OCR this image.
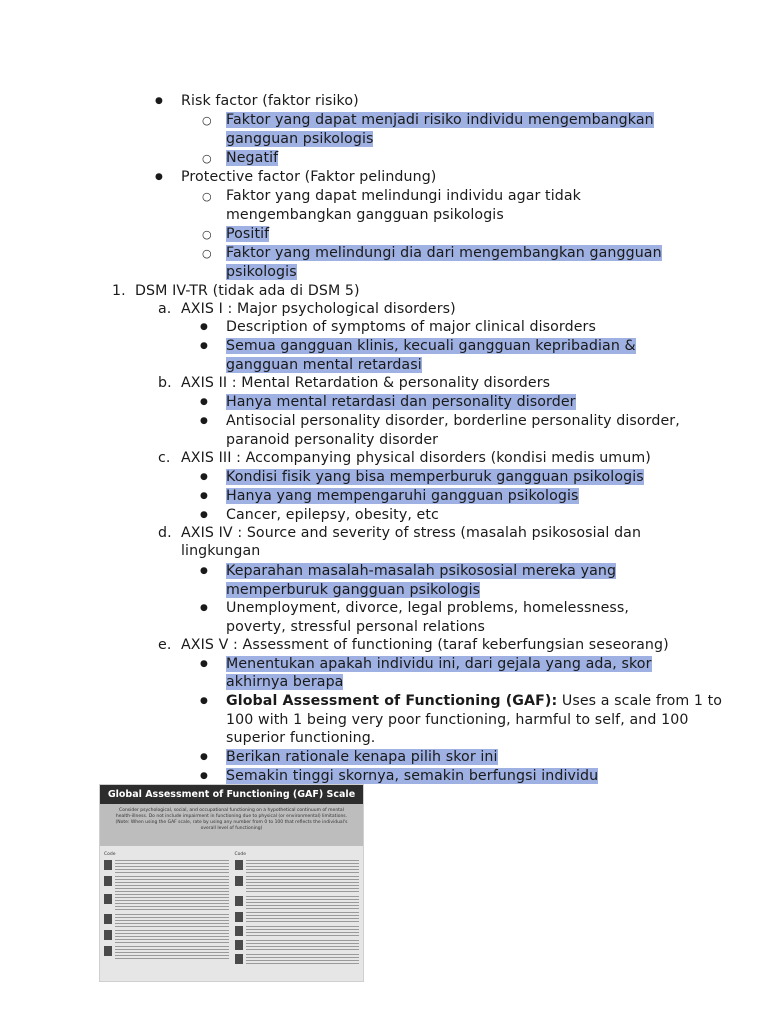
● Risk factor (faktor risiko)
○ Faktor yang dapat menjadi risiko individu mengembangkan
gangguan psikologis
○ Negatif
● Protective factor (Faktor pelindung)
○ Faktor yang dapat melindungi individu agar tidak
mengembangkan gangguan psikologis
○ Positif
○ Faktor yang melindungi dia dari mengembangkan gangguan
psikologis
1. DSM IV-TR (tidak ada di DSM 5)
a. AXIS I : Major psychological disorders)
● Description of symptoms of major clinical disorders
● Semua gangguan klinis, kecuali gangguan kepribadian &
gangguan mental retardasi
b. AXIS II : Mental Retardation & personality disorders
● Hanya mental retardasi dan personality disorder
● Antisocial personality disorder, borderline personality disorder,
paranoid personality disorder
c. AXIS III : Accompanying physical disorders (kondisi medis umum)
● Kondisi fisik yang bisa memperburuk gangguan psikologis
● Hanya yang mempengaruhi gangguan psikologis
● Cancer, epilepsy, obesity, etc
d. AXIS IV : Source and severity of stress (masalah psikososial dan
lingkungan
● Keparahan masalah-masalah psikososial mereka yang
memperburuk gangguan psikologis
● Unemployment, divorce, legal problems, homelessness,
poverty, stressful personal relations
e. AXIS V : Assessment of functioning (taraf keberfungsian seseorang)
● Menentukan apakah individu ini, dari gejala yang ada, skor
akhirnya berapa
● Global Assessment of Functioning (GAF): Uses a scale from 1 to
100 with 1 being very poor functioning, harmful to self, and 100
superior functioning.
● Berikan rationale kenapa pilih skor ini
● Semakin tinggi skornya, semakin berfungsi individu
Global Assessment of Functioning (GAF) Scale
Consider psychological, social, and occupational functioning on a hypothetical continuum of mental health-illness. Do not include impairment in functioning due to physical (or environmental) limitations. (Note: When using the GAF scale, rate by using any number from 0 to 100 that reflects the individual's overall level of functioning)
Code	Code
